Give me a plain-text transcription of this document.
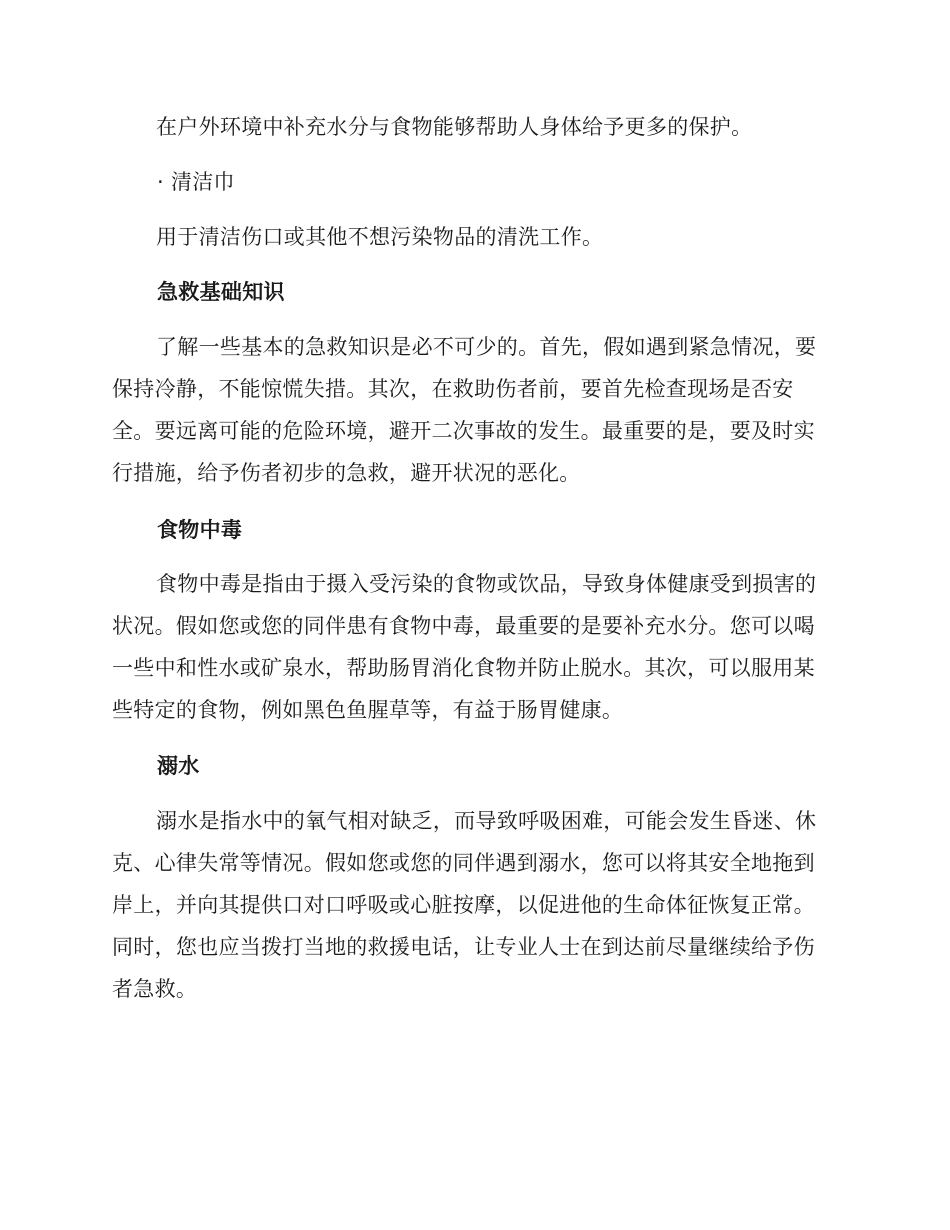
在户外环境中补充水分与食物能够帮助人身体给予更多的保护。

· 清洁巾

用于清洁伤口或其他不想污染物品的清洗工作。

急救基础知识

了解一些基本的急救知识是必不可少的。首先，假如遇到紧急情况，要保持冷静，不能惊慌失措。其次，在救助伤者前，要首先检查现场是否安全。要远离可能的危险环境，避开二次事故的发生。最重要的是，要及时实行措施，给予伤者初步的急救，避开状况的恶化。

食物中毒

食物中毒是指由于摄入受污染的食物或饮品，导致身体健康受到损害的状况。假如您或您的同伴患有食物中毒，最重要的是要补充水分。您可以喝一些中和性水或矿泉水，帮助肠胃消化食物并防止脱水。其次，可以服用某些特定的食物，例如黑色鱼腥草等，有益于肠胃健康。

溺水

溺水是指水中的氧气相对缺乏，而导致呼吸困难，可能会发生昏迷、休克、心律失常等情况。假如您或您的同伴遇到溺水，您可以将其安全地拖到岸上，并向其提供口对口呼吸或心脏按摩，以促进他的生命体征恢复正常。同时，您也应当拨打当地的救援电话，让专业人士在到达前尽量继续给予伤者急救。
